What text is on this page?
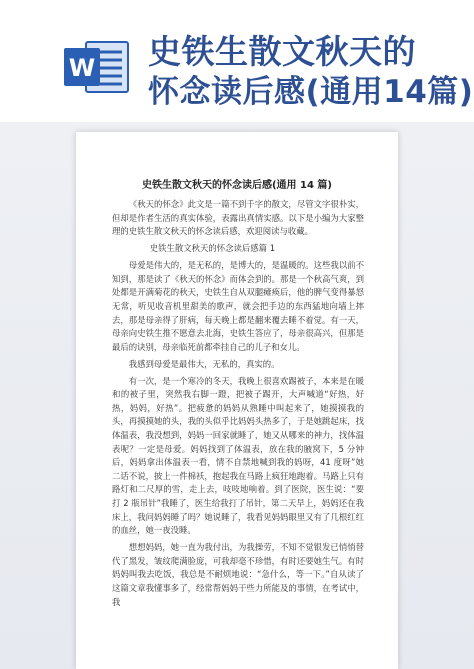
W 史铁生散文秋天的
怀念读后感(通用14篇)
史铁生散文秋天的怀念读后感(通用 14 篇)

《秋天的怀念》此文是一篇不到千字的散文，尽管文字很朴实，但却是作者生活的真实体验，表露出真情实感。以下是小编为大家整理的史铁生散文秋天的怀念读后感，欢迎阅读与收藏。

史铁生散文秋天的怀念读后感篇 1

母爱是伟大的，是无私的，是博大的，是温暖的。这些我以前不知到，那是读了《秋天的怀念》而体会到的。那是一个秋高气爽，到处都是开满菊花的秋天，史铁生自从双腿瘫痪后，他的脾气变得暴怒无常，听见收音机里甜美的歌声，就会把手边的东西猛地向墙上摔去，那是母亲得了肝病，每天晚上都是翻来覆去睡不着觉。有一天，母亲向史铁生推不愿意去北海，史铁生答应了，母亲很高兴，但那是最后的诀别，母亲临死前都牵挂自己的儿子和女儿。

我感到母爱是最伟大，无私的，真实的。

有一次，是一个寒冷的冬天，我晚上很喜欢踢被子，本来是在暖和的被子里，突然我右脚一蹬，把被子踢开，大声喊道“好热，好热，妈妈，好热”。把疲惫的妈妈从熟睡中叫起来了，她摸摸我的头，再摸摸她的头，我的头似乎比妈妈头热多了，于是她跳起床，找体温表，我没想到，妈妈一回家就睡了，她又从哪来的神力，找体温表呢？一定是母爱。妈妈找到了体温表，放在我的腋窝下，5 分钟后，妈妈拿出体温表一看，情不自禁地喊到我的妈呀，41 度呀”她二话不说，披上一件棉袄，抱起我在马路上疯狂地跑着。马路上只有路灯和二尺厚的雪，走上去，吱吱地响着。到了医院，医生说：“要打 2 瓶吊针”我睡了，医生给我打了吊针，第二天早上，妈妈还在我床上，我问妈妈睡了吗？她说睡了，我看见妈妈眼里又有了几根红红的血丝，她一夜没睡。

想想妈妈，她一直为我付出，为我操劳，不知不觉银发已悄悄替代了黑发，皱纹爬满脸庞，可我却毫不珍惜，有时还要她生气。有时妈妈叫我去吃饭，我总是不耐烦地说：“急什么，等一下。”自从读了这篇文章我懂事多了，经常帮妈妈干些力所能及的事情，在考试中，我
